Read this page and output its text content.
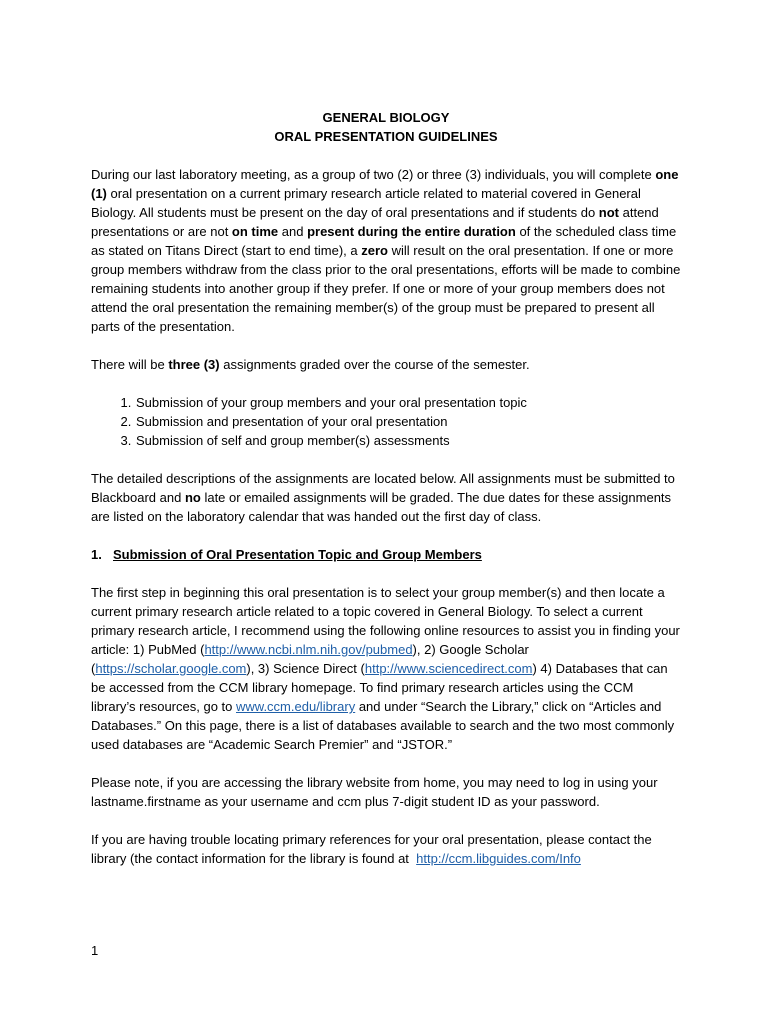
GENERAL BIOLOGY

ORAL PRESENTATION GUIDELINES

During our last laboratory meeting, as a group of two (2) or three (3) individuals, you will complete one (1) oral presentation on a current primary research article related to material covered in General Biology. All students must be present on the day of oral presentations and if students do not attend presentations or are not on time and present during the entire duration of the scheduled class time as stated on Titans Direct (start to end time), a zero will result on the oral presentation. If one or more group members withdraw from the class prior to the oral presentations, efforts will be made to combine remaining students into another group if they prefer. If one or more of your group members does not attend the oral presentation the remaining member(s) of the group must be prepared to present all parts of the presentation.

There will be three (3) assignments graded over the course of the semester.

1. Submission of your group members and your oral presentation topic
2. Submission and presentation of your oral presentation
3. Submission of self and group member(s) assessments

The detailed descriptions of the assignments are located below. All assignments must be submitted to Blackboard and no late or emailed assignments will be graded. The due dates for these assignments are listed on the laboratory calendar that was handed out the first day of class.

1. Submission of Oral Presentation Topic and Group Members

The first step in beginning this oral presentation is to select your group member(s) and then locate a current primary research article related to a topic covered in General Biology. To select a current primary research article, I recommend using the following online resources to assist you in finding your article: 1) PubMed (http://www.ncbi.nlm.nih.gov/pubmed), 2) Google Scholar (https://scholar.google.com), 3) Science Direct (http://www.sciencedirect.com) 4) Databases that can be accessed from the CCM library homepage. To find primary research articles using the CCM library’s resources, go to www.ccm.edu/library and under “Search the Library,” click on “Articles and Databases.” On this page, there is a list of databases available to search and the two most commonly used databases are “Academic Search Premier” and “JSTOR.”

Please note, if you are accessing the library website from home, you may need to log in using your lastname.firstname as your username and ccm plus 7-digit student ID as your password.

If you are having trouble locating primary references for your oral presentation, please contact the library (the contact information for the library is found at  http://ccm.libguides.com/Info

1
